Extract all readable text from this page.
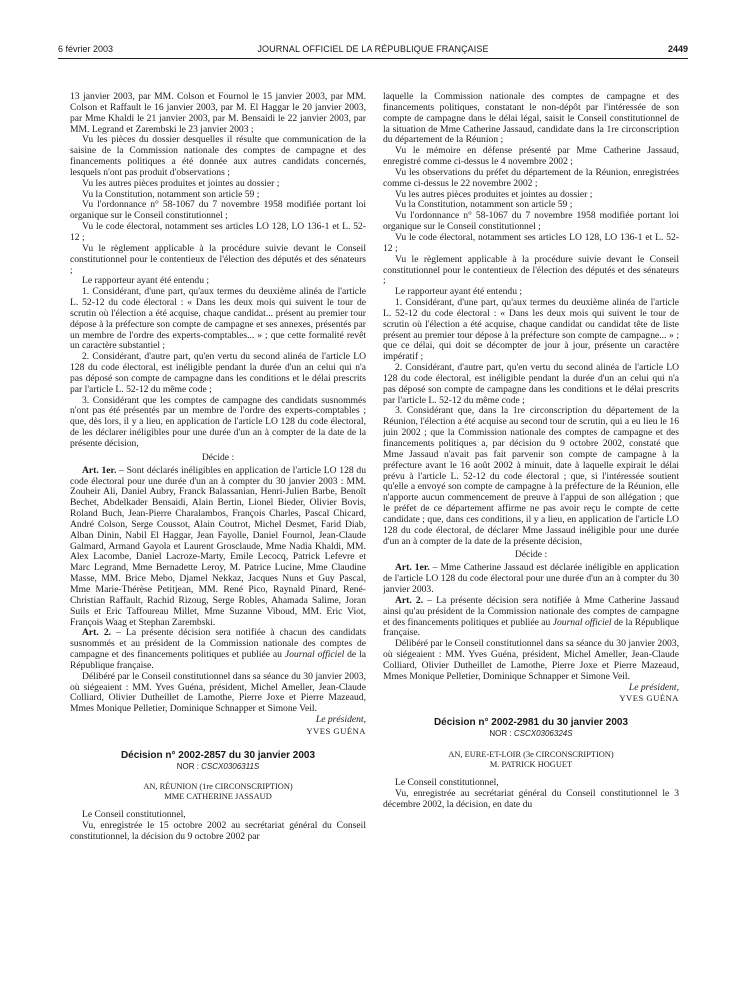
6 février 2003	JOURNAL OFFICIEL DE LA RÉPUBLIQUE FRANÇAISE	2449

13 janvier 2003, par MM. Colson et Fournol le 15 janvier 2003, par MM. Colson et Raffault le 16 janvier 2003, par M. El Haggar le 20 janvier 2003, par Mme Khaldi le 21 janvier 2003, par M. Bensaidi le 22 janvier 2003, par MM. Legrand et Zarembski le 23 janvier 2003 ;

Vu les pièces du dossier desquelles il résulte que communication de la saisine de la Commission nationale des comptes de campagne et des financements politiques a été donnée aux autres candidats concernés, lesquels n'ont pas produit d'observations ;

Vu les autres pièces produites et jointes au dossier ;

Vu la Constitution, notamment son article 59 ;

Vu l'ordonnance n° 58-1067 du 7 novembre 1958 modifiée portant loi organique sur le Conseil constitutionnel ;

Vu le code électoral, notamment ses articles LO 128, LO 136-1 et L. 52-12 ;

Vu le règlement applicable à la procédure suivie devant le Conseil constitutionnel pour le contentieux de l'élection des députés et des sénateurs ;

Le rapporteur ayant été entendu ;

1. Considérant, d'une part, qu'aux termes du deuxième alinéa de l'article L. 52-12 du code électoral : « Dans les deux mois qui suivent le tour de scrutin où l'élection a été acquise, chaque candidat... présent au premier tour dépose à la préfecture son compte de campagne et ses annexes, présentés par un membre de l'ordre des experts-comptables... » ; que cette formalité revêt un caractère substantiel ;

2. Considérant, d'autre part, qu'en vertu du second alinéa de l'article LO 128 du code électoral, est inéligible pendant la durée d'un an celui qui n'a pas déposé son compte de campagne dans les conditions et le délai prescrits par l'article L. 52-12 du même code ;

3. Considérant que les comptes de campagne des candidats susnommés n'ont pas été présentés par un membre de l'ordre des experts-comptables ; que, dès lors, il y a lieu, en application de l'article LO 128 du code électoral, de les déclarer inéligibles pour une durée d'un an à compter de la date de la présente décision,

Décide :

Art. 1er. – Sont déclarés inéligibles en application de l'article LO 128 du code électoral pour une durée d'un an à compter du 30 janvier 2003 : MM. Zouheir Ali, Daniel Aubry, Franck Balassanian, Henri-Julien Barbe, Benoît Bechet, Abdelkader Bensaidi, Alain Bertin, Lionel Bieder, Olivier Bovis, Roland Buch, Jean-Pierre Charalambos, François Charles, Pascal Chicard, André Colson, Serge Coussot, Alain Coutrot, Michel Desmet, Farid Diab, Alban Dinin, Nabil El Haggar, Jean Fayolle, Daniel Fournol, Jean-Claude Galmard, Armand Gayola et Laurent Grosclaude, Mme Nadia Khaldi, MM. Alex Lacombe, Daniel Lacroze-Marty, Emile Lecocq, Patrick Lefevre et Marc Legrand, Mme Bernadette Leroy, M. Patrice Lucine, Mme Claudine Masse, MM. Brice Mebo, Djamel Nekkaz, Jacques Nuns et Guy Pascal, Mme Marie-Thérèse Petitjean, MM. René Pico, Raynald Pinard, René-Christian Raffault, Rachid Rizoug, Serge Robles, Ahamada Salime, Joran Suils et Eric Taffoureau Millet, Mme Suzanne Viboud, MM. Eric Viot, François Waag et Stephan Zarembski.

Art. 2. – La présente décision sera notifiée à chacun des candidats susnommés et au président de la Commission nationale des comptes de campagne et des financements politiques et publiée au Journal officiel de la République française.

Délibéré par le Conseil constitutionnel dans sa séance du 30 janvier 2003, où siégeaient : MM. Yves Guéna, président, Michel Ameller, Jean-Claude Colliard, Olivier Dutheillet de Lamothe, Pierre Joxe et Pierre Mazeaud, Mmes Monique Pelletier, Dominique Schnapper et Simone Veil.

Le président,

YVES GUÉNA

Décision n° 2002-2857 du 30 janvier 2003

NOR : CSCX0306311S

AN, RÉUNION (1re CIRCONSCRIPTION)

MME CATHERINE JASSAUD

Le Conseil constitutionnel,

Vu, enregistrée le 15 octobre 2002 au secrétariat général du Conseil constitutionnel, la décision du 9 octobre 2002 par

laquelle la Commission nationale des comptes de campagne et des financements politiques, constatant le non-dépôt par l'intéressée de son compte de campagne dans le délai légal, saisit le Conseil constitutionnel de la situation de Mme Catherine Jassaud, candidate dans la 1re circonscription du département de la Réunion ;

Vu le mémoire en défense présenté par Mme Catherine Jassaud, enregistré comme ci-dessus le 4 novembre 2002 ;

Vu les observations du préfet du département de la Réunion, enregistrées comme ci-dessus le 22 novembre 2002 ;

Vu les autres pièces produites et jointes au dossier ;

Vu la Constitution, notamment son article 59 ;

Vu l'ordonnance n° 58-1067 du 7 novembre 1958 modifiée portant loi organique sur le Conseil constitutionnel ;

Vu le code électoral, notamment ses articles LO 128, LO 136-1 et L. 52-12 ;

Vu le règlement applicable à la procédure suivie devant le Conseil constitutionnel pour le contentieux de l'élection des députés et des sénateurs ;

Le rapporteur ayant été entendu ;

1. Considérant, d'une part, qu'aux termes du deuxième alinéa de l'article L. 52-12 du code électoral : « Dans les deux mois qui suivent le tour de scrutin où l'élection a été acquise, chaque candidat ou candidat tête de liste présent au premier tour dépose à la préfecture son compte de campagne... » ; que ce délai, qui doit se décompter de jour à jour, présente un caractère impératif ;

2. Considérant, d'autre part, qu'en vertu du second alinéa de l'article LO 128 du code électoral, est inéligible pendant la durée d'un an celui qui n'a pas déposé son compte de campagne dans les conditions et le délai prescrits par l'article L. 52-12 du même code ;

3. Considérant que, dans la 1re circonscription du département de la Réunion, l'élection a été acquise au second tour de scrutin, qui a eu lieu le 16 juin 2002 ; que la Commission nationale des comptes de campagne et des financements politiques a, par décision du 9 octobre 2002, constaté que Mme Jassaud n'avait pas fait parvenir son compte de campagne à la préfecture avant le 16 août 2002 à minuit, date à laquelle expirait le délai prévu à l'article L. 52-12 du code électoral ; que, si l'intéressée soutient qu'elle a envoyé son compte de campagne à la préfecture de la Réunion, elle n'apporte aucun commencement de preuve à l'appui de son allégation ; que le préfet de ce département affirme ne pas avoir reçu le compte de cette candidate ; que, dans ces conditions, il y a lieu, en application de l'article LO 128 du code électoral, de déclarer Mme Jassaud inéligible pour une durée d'un an à compter de la date de la présente décision,

Décide :

Art. 1er. – Mme Catherine Jassaud est déclarée inéligible en application de l'article LO 128 du code électoral pour une durée d'un an à compter du 30 janvier 2003.

Art. 2. – La présente décision sera notifiée à Mme Catherine Jassaud ainsi qu'au président de la Commission nationale des comptes de campagne et des financements politiques et publiée au Journal officiel de la République française.

Délibéré par le Conseil constitutionnel dans sa séance du 30 janvier 2003, où siégeaient : MM. Yves Guéna, président, Michel Ameller, Jean-Claude Colliard, Olivier Dutheillet de Lamothe, Pierre Joxe et Pierre Mazeaud, Mmes Monique Pelletier, Dominique Schnapper et Simone Veil.

Le président,

YVES GUÉNA

Décision n° 2002-2981 du 30 janvier 2003

NOR : CSCX0306324S

AN, EURE-ET-LOIR (3e CIRCONSCRIPTION)

M. PATRICK HOGUET

Le Conseil constitutionnel,

Vu, enregistrée au secrétariat général du Conseil constitutionnel le 3 décembre 2002, la décision, en date du
